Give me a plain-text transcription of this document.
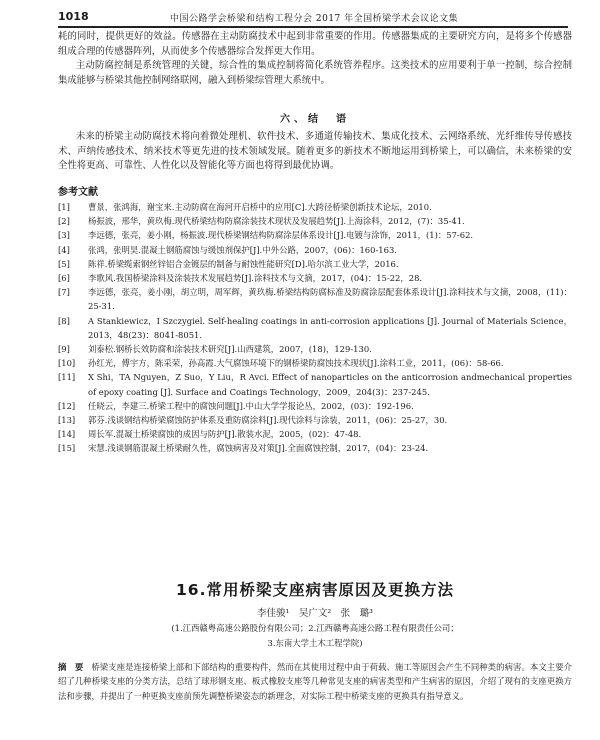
1018	中国公路学会桥梁和结构工程分会 2017 年全国桥梁学术会议论文集

耗的同时，提供更好的效益。传感器在主动防腐技术中起到非常重要的作用。传感器集成的主要研究方向，是将多个传感器组成合理的传感器阵列，从而使多个传感器综合发挥更大作用。

主动防腐控制是系统管理的关键，综合性的集成控制将简化系统管养程序。这类技术的应用要利于单一控制，综合控制集成能够与桥梁其他控制网络联网，融入到桥梁综管理大系统中。

六、结　语

未来的桥梁主动防腐技术将向着微处理机、软件技术、多通道传输技术、集成化技术、云网络系统、光纤维传导传感技术、声纳传感技术、纳米技术等更先进的技术领域发展。随着更多的新技术不断地运用到桥梁上，可以确信，未来桥梁的安全性将更高、可靠性、人性化以及智能化等方面也将得到最优协调。

参考文献

[1] 曹景，张鸿海，谢宝来.主动防腐在海河开启桥中的应用[C].大跨径桥梁创新技术论坛，2010.

[2] 杨振波，邢华，黄玖梅.现代桥梁结构防腐涂装技术现状及发展趋势[J].上海涂料，2012，(7)：35-41.

[3] 李远德，张亮，姜小刚，杨振波.现代桥梁钢结构防腐涂层体系设计[J].电镀与涂饰，2011，(1)：57-62.

[4] 张鸿，张明昊.混凝土钢筋腐蚀与缓蚀剂保护[J].中外公路，2007，(06)：160-163.

[5] 陈祥.桥梁缆索钢丝锌铝合金镀层的制备与耐蚀性能研究[D].哈尔滨工业大学，2016.

[6] 李歌风.我国桥梁涂料及涂装技术发展趋势[J].涂料技术与文摘，2017，(04)：15-22，28.

[7] 李远德，张亮，姜小刚，胡立明，周军辉，黄玖梅.桥梁结构防腐标准及防腐涂层配套体系设计[J].涂料技术与文摘，2008，(11)：25-31.

[8] A Stankiewicz，I Szczygiel. Self-healing coatings in anti-corrosion applications [J]. Journal of Materials Science，2013，48(23)：8041-8051.

[9] 刘泰松.钢桥长效防腐和涂装技术研究[J].山西建筑，2007，(18)，129-130.

[10] 孙红光，傅宇方，陈采荣，孙高霞.大气腐蚀环境下的钢桥梁防腐蚀技术现状[J].涂料工业，2011，(06)：58-66.

[11] X Shi，TA Nguyen，Z Suo，Y Liu，R Avci. Effect of nanoparticles on the anticorrosion andmechanical properties of epoxy coating [J]. Surface and Coatings Technology，2009，204(3)：237-245.

[12] 任晓云，李建三.桥梁工程中的腐蚀问题[J].中山大学学报论丛，2002，(03)：192-196.

[13] 郭芬.浅谈钢结构桥梁腐蚀防护体系及重防腐涂料[J].现代涂料与涂装，2011，(06)：25-27，30.

[14] 周长军.混凝土桥梁腐蚀的成因与防护[J].散装水泥，2005，(02)：47-48.

[15] 宋慧.浅谈钢筋混凝土桥梁耐久性，腐蚀病害及对策[J].全面腐蚀控制，2017，(04)：23-24.

16.常用桥梁支座病害原因及更换方法
李佳骏¹　吴广文²　张　璐³
(1.江西赣粤高速公路股份有限公司；2.江西赣粤高速公路工程有限责任公司；
3.东南大学土木工程学院)
摘　要 桥梁支座是连接桥梁上部和下部结构的重要构件，然而在其使用过程中由于荷载、施工等原因会产生不同种类的病害。本文主要介绍了几种桥梁支座的分类方法，总结了球形钢支座、板式橡胶支座等几种常见支座的病害类型和产生病害的原因，介绍了现有的支座更换方法和步骤，并提出了一种更换支座前预先调整桥梁姿态的新理念，对实际工程中桥梁支座的更换具有指导意义。
